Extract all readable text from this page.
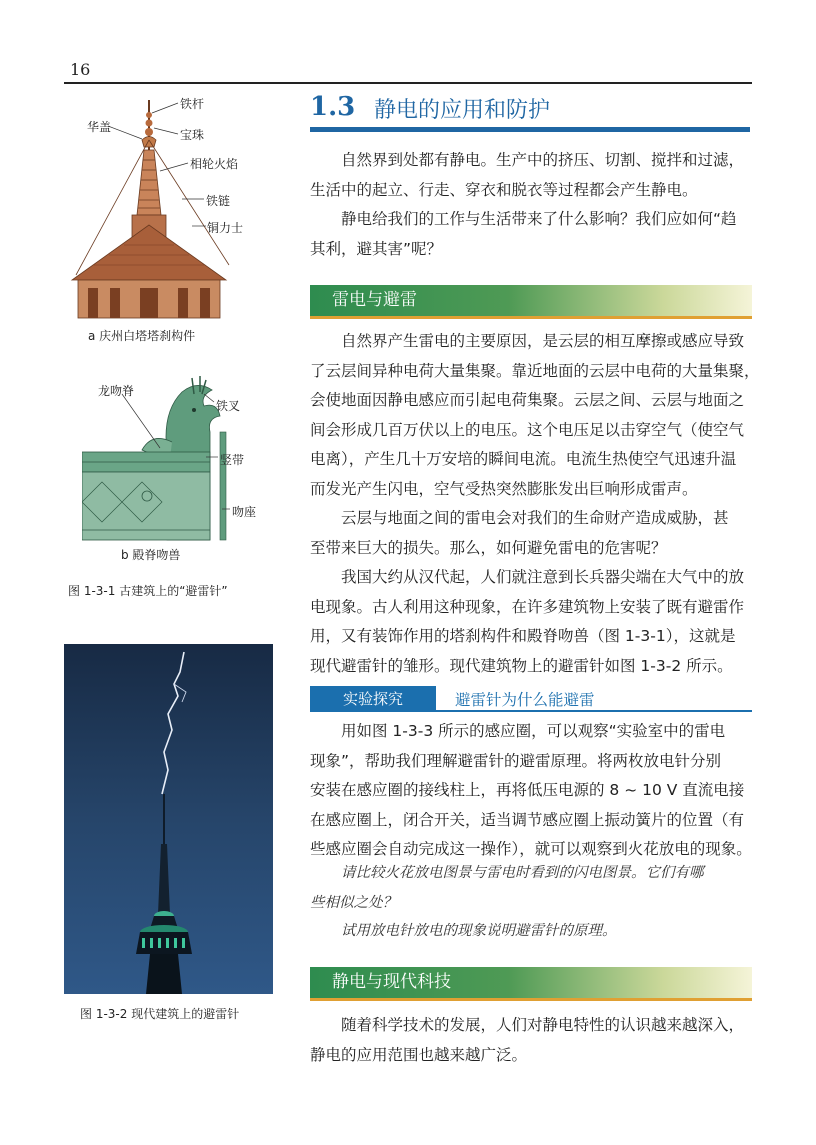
16
1.3 静电的应用和防护
自然界到处都有静电。生产中的挤压、切割、搅拌和过滤，
生活中的起立、行走、穿衣和脱衣等过程都会产生静电。
静电给我们的工作与生活带来了什么影响？我们应如何“趋
其利，避其害”呢？
雷电与避雷
自然界产生雷电的主要原因，是云层的相互摩擦或感应导致
了云层间异种电荷大量集聚。靠近地面的云层中电荷的大量集聚，
会使地面因静电感应而引起电荷集聚。云层之间、云层与地面之
间会形成几百万伏以上的电压。这个电压足以击穿空气（使空气
电离），产生几十万安培的瞬间电流。电流生热使空气迅速升温
而发光产生闪电，空气受热突然膨胀发出巨响形成雷声。
云层与地面之间的雷电会对我们的生命财产造成威胁，甚
至带来巨大的损失。那么，如何避免雷电的危害呢？
我国大约从汉代起，人们就注意到长兵器尖端在大气中的放
电现象。古人利用这种现象，在许多建筑物上安装了既有避雷作
用，又有装饰作用的塔刹构件和殿脊吻兽（图 1-3-1），这就是
现代避雷针的雏形。现代建筑物上的避雷针如图 1-3-2 所示。
实验探究	避雷针为什么能避雷
用如图 1-3-3 所示的感应圈，可以观察“实验室中的雷电
现象”，帮助我们理解避雷针的避雷原理。将两枚放电针分别
安装在感应圈的接线柱上，再将低压电源的 8 ~ 10 V 直流电接
在感应圈上，闭合开关，适当调节感应圈上振动簧片的位置（有
些感应圈会自动完成这一操作），就可以观察到火花放电的现象。
请比较火花放电图景与雷电时看到的闪电图景。它们有哪
些相似之处？
试用放电针放电的现象说明避雷针的原理。
静电与现代科技
随着科学技术的发展，人们对静电特性的认识越来越深入，
静电的应用范围也越来越广泛。
铁杆
华盖
宝珠
相轮火焰
铁链
铜力士
a 庆州白塔塔刹构件
龙吻脊
铁叉
竖带
吻座
b 殿脊吻兽
图 1-3-1 古建筑上的“避雷针”
图 1-3-2 现代建筑上的避雷针
